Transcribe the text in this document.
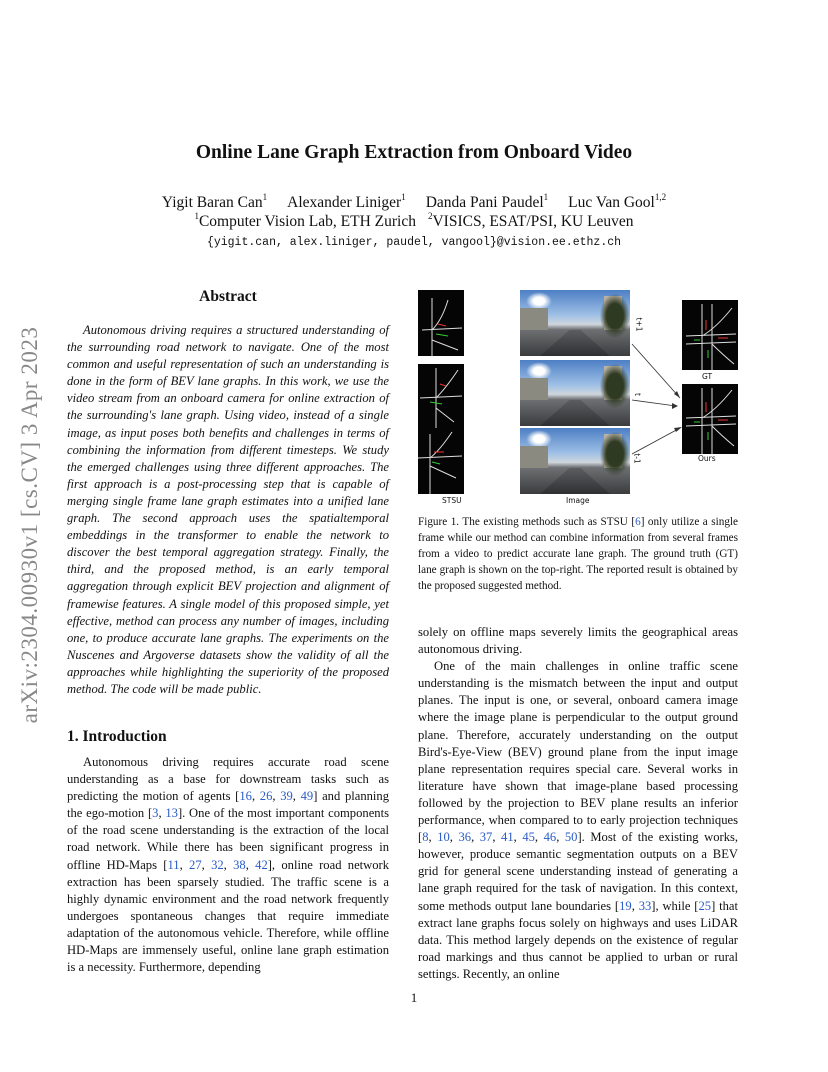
arXiv:2304.00930v1 [cs.CV] 3 Apr 2023
Online Lane Graph Extraction from Onboard Video
Yigit Baran Can$^1$ Alexander Liniger$^1$ Danda Pani Paudel$^1$ Luc Van Gool$^{1,2}$
$^1$Computer Vision Lab, ETH Zurich $^2$VISICS, ESAT/PSI, KU Leuven
{yigit.can, alex.liniger, paudel, vangool}@vision.ee.ethz.ch
Abstract

Autonomous driving requires a structured understanding of the surrounding road network to navigate. One of the most common and useful representation of such an understanding is done in the form of BEV lane graphs. In this work, we use the video stream from an onboard camera for online extraction of the surrounding's lane graph. Using video, instead of a single image, as input poses both benefits and challenges in terms of combining the information from different timesteps. We study the emerged challenges using three different approaches. The first approach is a post-processing step that is capable of merging single frame lane graph estimates into a unified lane graph. The second approach uses the spatialtemporal embeddings in the transformer to enable the network to discover the best temporal aggregation strategy. Finally, the third, and the proposed method, is an early temporal aggregation through explicit BEV projection and alignment of framewise features. A single model of this proposed simple, yet effective, method can process any number of images, including one, to produce accurate lane graphs. The experiments on the Nuscenes and Argoverse datasets show the validity of all the approaches while highlighting the superiority of the proposed method. The code will be made public.

1. Introduction

Autonomous driving requires accurate road scene understanding as a base for downstream tasks such as predicting the motion of agents [16, 26, 39, 49] and planning the ego-motion [3, 13]. One of the most important components of the road scene understanding is the extraction of the local road network. While there has been significant progress in offline HD-Maps [11, 27, 32, 38, 42], online road network extraction has been sparsely studied. The traffic scene is a highly dynamic environment and the road network frequently undergoes spontaneous changes that require immediate adaptation of the autonomous vehicle. Therefore, while offline HD-Maps are immensely useful, online lane graph estimation is a necessity. Furthermore, depending

STSU	Image
t+1
t
t-1
GT
Ours
Figure 1. The existing methods such as STSU [6] only utilize a single frame while our method can combine information from several frames from a video to predict accurate lane graph. The ground truth (GT) lane graph is shown on the top-right. The reported result is obtained by the proposed suggested method.

solely on offline maps severely limits the geographical areas autonomous driving.

One of the main challenges in online traffic scene understanding is the mismatch between the input and output planes. The input is one, or several, onboard camera image where the image plane is perpendicular to the output ground plane. Therefore, accurately understanding on the output Bird's-Eye-View (BEV) ground plane from the input image plane representation requires special care. Several works in literature have shown that image-plane based processing followed by the projection to BEV plane results an inferior performance, when compared to to early projection techniques [8, 10, 36, 37, 41, 45, 46, 50]. Most of the existing works, however, produce semantic segmentation outputs on a BEV grid for general scene understanding instead of generating a lane graph required for the task of navigation. In this context, some methods output lane boundaries [19, 33], while [25] that extract lane graphs focus solely on highways and uses LiDAR data. This method largely depends on the existence of regular road markings and thus cannot be applied to urban or rural settings. Recently, an online

1
